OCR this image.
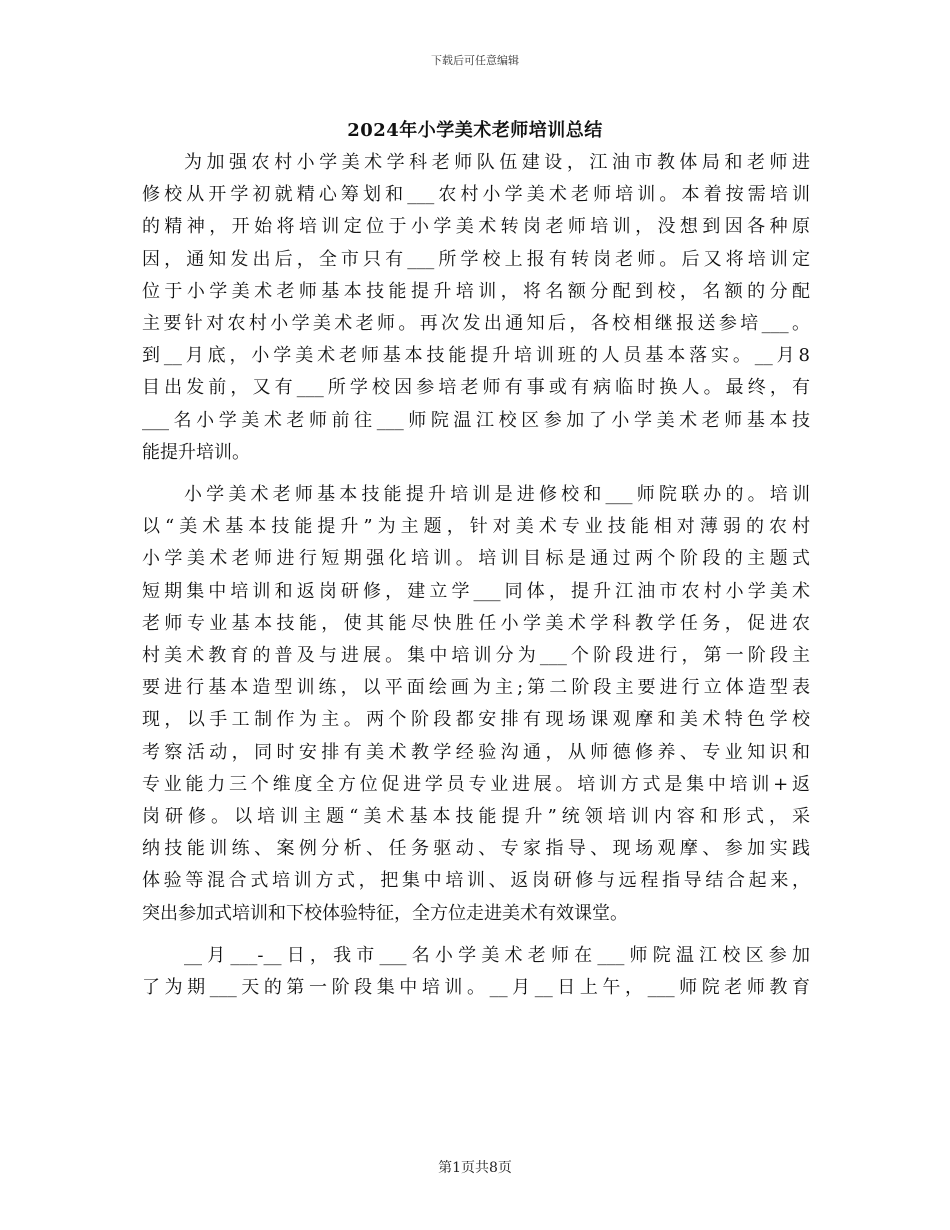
下载后可任意编辑
2024年小学美术老师培训总结
为加强农村小学美术学科老师队伍建设，江油市教体局和老师进
修校从开学初就精心筹划和___农村小学美术老师培训。本着按需培训
的精神，开始将培训定位于小学美术转岗老师培训，没想到因各种原
因，通知发出后，全市只有___所学校上报有转岗老师。后又将培训定
位于小学美术老师基本技能提升培训，将名额分配到校，名额的分配
主要针对农村小学美术老师。再次发出通知后，各校相继报送参培___。
到__月底，小学美术老师基本技能提升培训班的人员基本落实。__月8
目出发前，又有___所学校因参培老师有事或有病临时换人。最终，有
___名小学美术老师前往___师院温江校区参加了小学美术老师基本技
能提升培训。
小学美术老师基本技能提升培训是进修校和___师院联办的。培训
以“美术基本技能提升”为主题，针对美术专业技能相对薄弱的农村
小学美术老师进行短期强化培训。培训目标是通过两个阶段的主题式
短期集中培训和返岗研修，建立学___同体，提升江油市农村小学美术
老师专业基本技能，使其能尽快胜任小学美术学科教学任务，促进农
村美术教育的普及与进展。集中培训分为___个阶段进行，第一阶段主
要进行基本造型训练，以平面绘画为主;第二阶段主要进行立体造型表
现，以手工制作为主。两个阶段都安排有现场课观摩和美术特色学校
考察活动，同时安排有美术教学经验沟通，从师德修养、专业知识和
专业能力三个维度全方位促进学员专业进展。培训方式是集中培训+返
岗研修。以培训主题“美术基本技能提升”统领培训内容和形式，采
纳技能训练、案例分析、任务驱动、专家指导、现场观摩、参加实践
体验等混合式培训方式，把集中培训、返岗研修与远程指导结合起来，
突出参加式培训和下校体验特征，全方位走进美术有效课堂。
__月___-__日，我市___名小学美术老师在___师院温江校区参加
了为期___天的第一阶段集中培训。__月__日上午，___师院老师教育
第1页共8页
